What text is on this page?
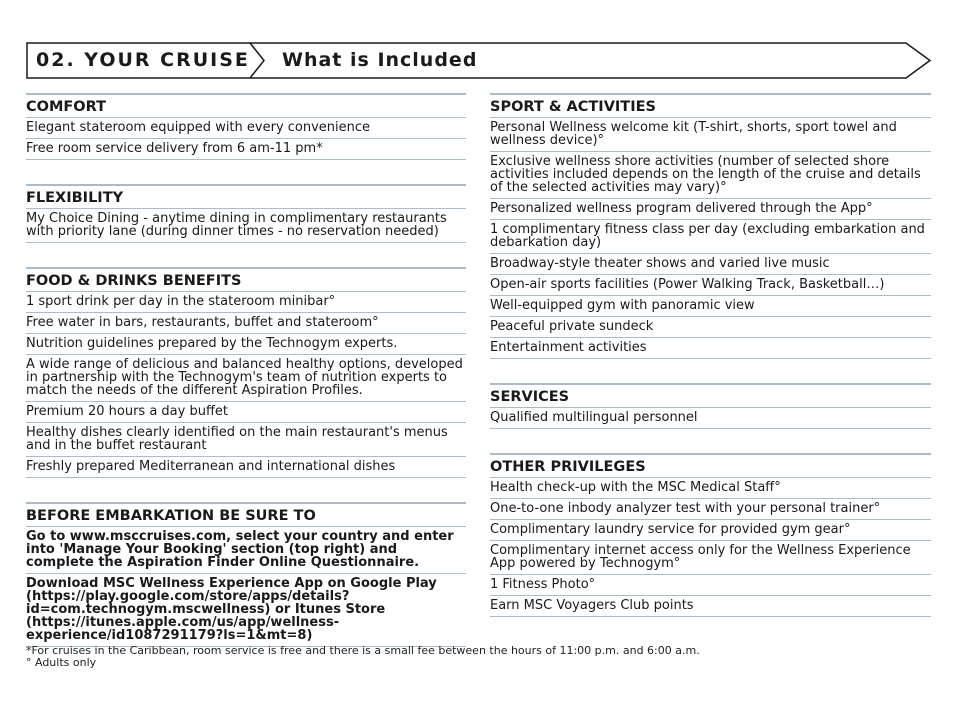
02. YOUR CRUISE What is Included
COMFORT
Elegant stateroom equipped with every convenience
Free room service delivery from 6 am-11 pm*
FLEXIBILITY
My Choice Dining - anytime dining in complimentary restaurants with priority lane (during dinner times - no reservation needed)
FOOD & DRINKS BENEFITS
1 sport drink per day in the stateroom minibar°
Free water in bars, restaurants, buffet and stateroom°
Nutrition guidelines prepared by the Technogym experts.
A wide range of delicious and balanced healthy options, developed in partnership with the Technogym's team of nutrition experts to match the needs of the different Aspiration Profiles.
Premium 20 hours a day buffet
Healthy dishes clearly identified on the main restaurant's menus and in the buffet restaurant
Freshly prepared Mediterranean and international dishes
BEFORE EMBARKATION BE SURE TO
Go to www.msccruises.com, select your country and enter into 'Manage Your Booking' section (top right) and complete the Aspiration Finder Online Questionnaire.
Download MSC Wellness Experience App on Google Play (https://play.google.com/store/apps/details?id=com.technogym.mscwellness) or Itunes Store (https://itunes.apple.com/us/app/wellness-experience/id1087291179?ls=1&mt=8)
SPORT & ACTIVITIES
Personal Wellness welcome kit (T-shirt, shorts, sport towel and wellness device)°
Exclusive wellness shore activities (number of selected shore activities included depends on the length of the cruise and details of the selected activities may vary)°
Personalized wellness program delivered through the App°
1 complimentary fitness class per day (excluding embarkation and debarkation day)
Broadway-style theater shows and varied live music
Open-air sports facilities (Power Walking Track, Basketball…)
Well-equipped gym with panoramic view
Peaceful private sundeck
Entertainment activities
SERVICES
Qualified multilingual personnel
OTHER PRIVILEGES
Health check-up with the MSC Medical Staff°
One-to-one inbody analyzer test with your personal trainer°
Complimentary laundry service for provided gym gear°
Complimentary internet access only for the Wellness Experience App powered by Technogym°
1 Fitness Photo°
Earn MSC Voyagers Club points
*For cruises in the Caribbean, room service is free and there is a small fee between the hours of 11:00 p.m. and 6:00 a.m.
° Adults only
